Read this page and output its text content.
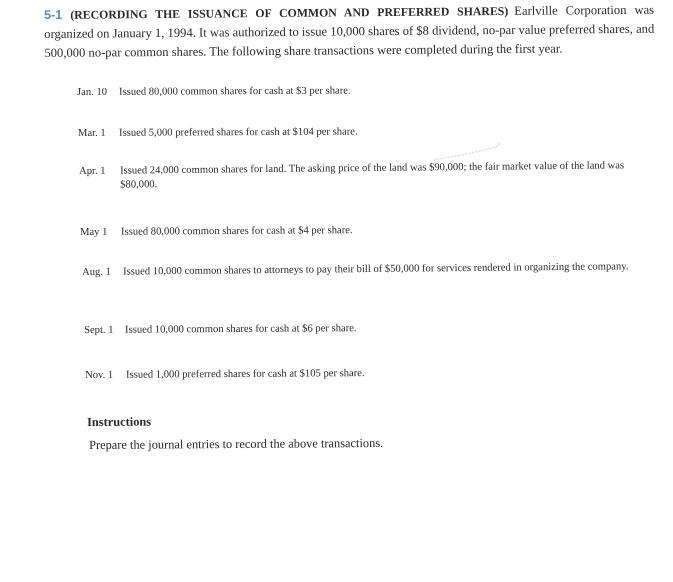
5-1 (RECORDING THE ISSUANCE OF COMMON AND PREFERRED SHARES) Earlville Corporation was organized on January 1, 1994. It was authorized to issue 10,000 shares of $8 dividend, no-par value preferred shares, and 500,000 no-par common shares. The following share transactions were completed during the first year.
Jan. 10 Issued 80,000 common shares for cash at $3 per share.
Mar. 1 Issued 5,000 preferred shares for cash at $104 per share.
Apr. 1 Issued 24,000 common shares for land. The asking price of the land was $90,000; the fair market value of the land was $80,000.
May 1 Issued 80,000 common shares for cash at $4 per share.
Aug. 1 Issued 10,000 common shares to attorneys to pay their bill of $50,000 for services rendered in organizing the company.
Sept. 1 Issued 10,000 common shares for cash at $6 per share.
Nov. 1 Issued 1,000 preferred shares for cash at $105 per share.
Instructions
Prepare the journal entries to record the above transactions.
